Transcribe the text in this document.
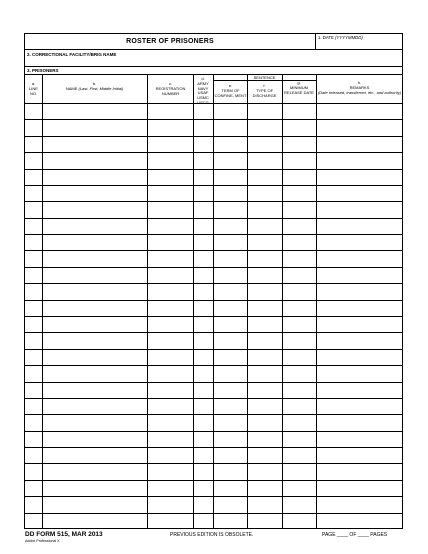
ROSTER OF PRISONERS
1. DATE (YYYYMMDD)
2. CORRECTIONAL FACILITY/BRIG NAME
3. PRISONERS
SENTENCE
a.
LINE NO.
b.
NAME (Last, First, Middle Initial)
c.
REGISTRATION NUMBER
d.
ARMY NAVY USAF USMC USCG
e.
TERM OF CONFINE- MENT
f.
TYPE OF DISCHARGE
g.
MINIMUM RELEASE DATE
h.
REMARKS
(Date released, transferred, etc., and authority)
DD FORM 515, MAR 2013
Adobe Professional X
PREVIOUS EDITION IS OBSOLETE.	PAGE ____ OF ____ PAGES
